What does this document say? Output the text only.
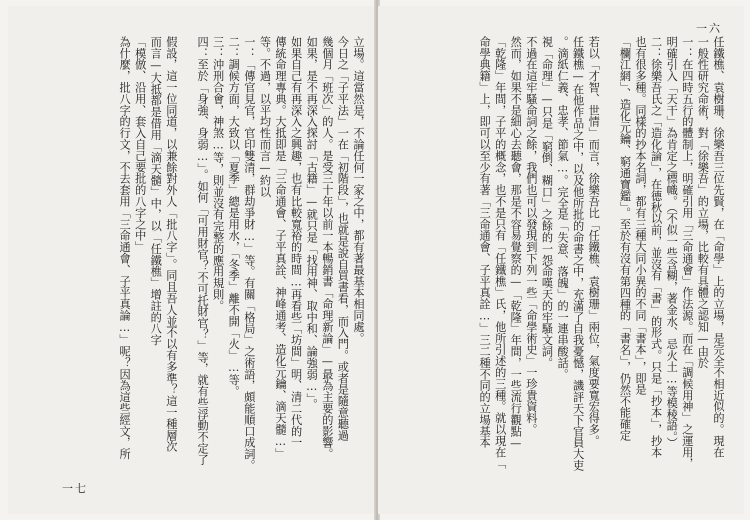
立場。這當然是，不論任何一家之中，都有著最基本相同處。
今日之「子平法」一在「初階段」，也就是說自買書看，而入門。或者是隨意聽過
幾個月「班次」的人。是受三十年以前一本暢銷書「命理新論」—最為主要的影響。
如果，是不再深入探討「古籍」—就只是「找用神、取中和、論強弱…」。
如果自己有再深入之興趣，也有比較寬裕的時間…再看些「坊間」明、清二代的一
傳統命理專典。大抵即是「三命通會、子平真詮、神峰通考、造化元鑰、滴天髓…」
等。不過，以平均性而言—約以
一：「傳官見官，官印雙清，群劫爭財…」等。有關「格局」之術語，頗能順口成詞。
二：調候方面，大致以「夏季」總是用水，「冬季」離不開「火」…等。
三：沖刑合會，神煞…等，則並沒有完整的應用規則。
四：至於「身強、身弱…」。如何「可用財官？不可托財官？」等，就有些浮動不定了
假設，這一位同道，以兼餘對外人「批八字」。同且吾人並不以有多準？這一種層次
而言—大抵都是借用「滴天髓」中，以「任鐵樵」增註的八字
「模倣、沿用、套入自己要批的八字之中」
為什麼，批八字的行文，不去套用「三命通會、子平真論…」呢？因為這些經文，所
一七
任鐵樵、袁樹珊、徐樂吾三位先賢，在「命學」上的立場，是完全不相近似的。現在
一般性研究命術，對「徐樂吾」的立場，比較有具體之認知—由於
一：在四時五行的體制上，明確引用「三命通會」作法源。而在「調候用神」之運用，
明確引入「天干」為肯定之標幟。（不似一些含糊，著金水、忌火土…等模稜語。）
二：徐樂吾氏之「造化論」，在德秋以前，並沒有「書」的形式。只是「抄本」，抄本
也有很多種。同樣的抄本名詞，都有三種大同小異的不同「書本」，即是
「欄江網」、造化元鑰、窮通寶鑑」。至於有沒有第四種的「書名」，仍然不能確定
若以「才智、世情」而言，徐樂吾比「任鐵樵、袁樹珊」兩位，氣度要寬宏得多。
任鐵樵—在他作品之中，以及他所批的命書之中，充滿了自我憂憾，譏評天下官員大吏
。滴紙仁義、忠孝、節氣…。完全是「失意、落魄」的一連串酸話。
視「命理」—只是「窮倒、糊口」之餘的一怨命嘆天的牢騷文詞。
不過在這牢騷命詞之餘，我們也可以發現到下列一些「命學術史」一珍貴資料。
然而，如果不是細心去聽會，那是不容易覺察的—「乾隆」年間，一些流行觀點—
「乾隆」年間，子平的概念，也不是只有「任鐵樵」氏，他所引述的三種。就以現在「
命學典籍」上，即可以至少有著「三命通會、子平真詮…」三二種不同的立場基本
一六
